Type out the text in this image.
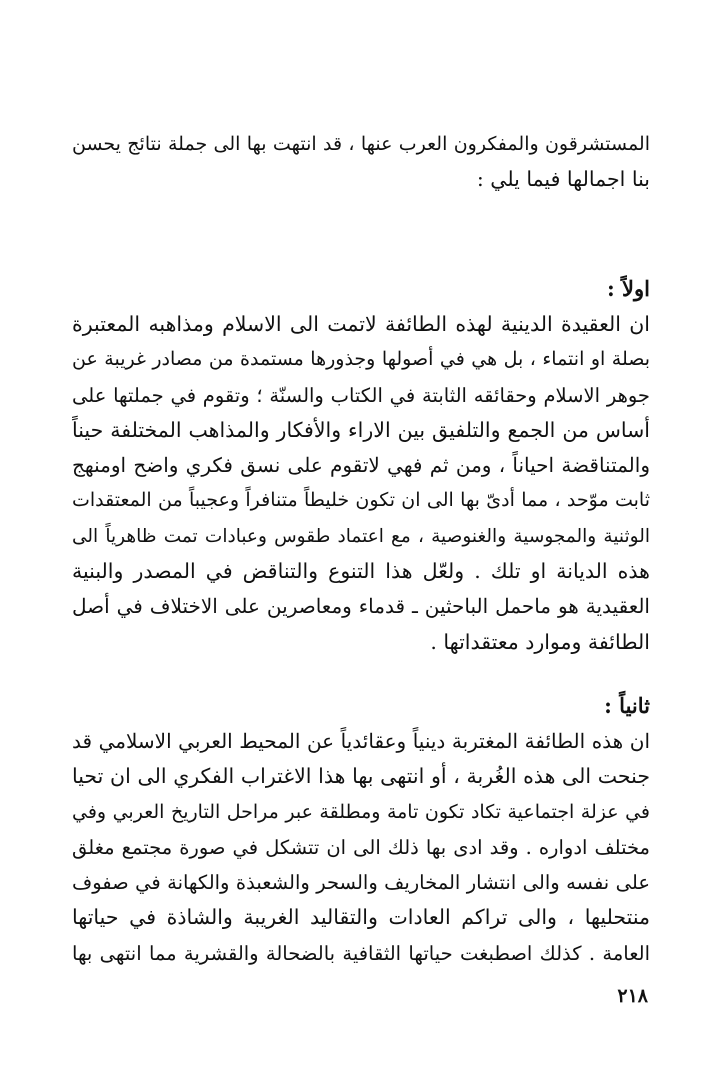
المستشرقون والمفكرون العرب عنها ، قد انتهت بها الى جملة نتائج يحسن
بنا اجمالها فيما يلي :
اولاً :
ان العقيدة الدينية لهذه الطائفة لاتمت الى الاسلام ومذاهبه المعتبرة
بصلة او انتماء ، بل هي في أصولها وجذورها مستمدة من مصادر غريبة عن
جوهر الاسلام وحقائقه الثابتة في الكتاب والسنّة ؛ وتقوم في جملتها على
أساس من الجمع والتلفيق بين الاراء والأفكار والمذاهب المختلفة حيناً
والمتناقضة احياناً ، ومن ثم فهي لاتقوم على نسق فكري واضح اومنهج
ثابت موّحد ، مما أدىّ بها الى ان تكون خليطاً متنافراً وعجيباً من المعتقدات
الوثنية والمجوسية والغنوصية ، مع اعتماد طقوس وعبادات تمت ظاهرياً الى
هذه الديانة او تلك . ولعّل هذا التنوع والتناقض في المصدر والبنية
العقيدية هو ماحمل الباحثين ـ قدماء ومعاصرين على الاختلاف في أصل
الطائفة وموارد معتقداتها .
ثانياً :
ان هذه الطائفة المغتربة دينياً وعقائدياً عن المحيط العربي الاسلامي قد
جنحت الى هذه الغُربة ، أو انتهى بها هذا الاغتراب الفكري الى ان تحيا
في عزلة اجتماعية تكاد تكون تامة ومطلقة عبر مراحل التاريخ العربي وفي
مختلف ادواره . وقد ادى بها ذلك الى ان تتشكل في صورة مجتمع مغلق
على نفسه والى انتشار المخاريف والسحر والشعبذة والكهانة في صفوف
منتحليها ، والى تراكم العادات والتقاليد الغريبة والشاذة في حياتها
العامة . كذلك اصطبغت حياتها الثقافية بالضحالة والقشرية مما انتهى بها
٢١٨
